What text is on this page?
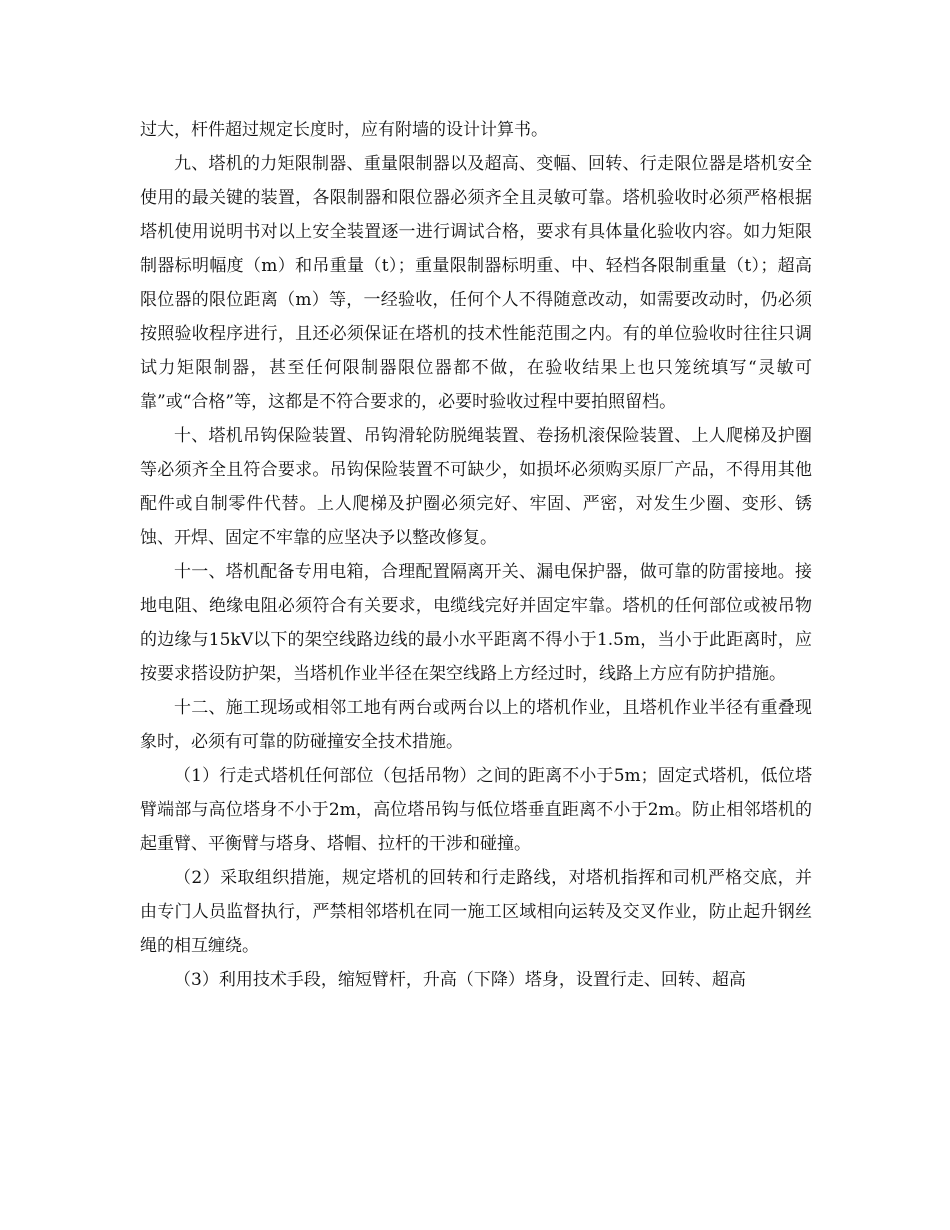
过大，杆件超过规定长度时，应有附墙的设计计算书。

九、塔机的力矩限制器、重量限制器以及超高、变幅、回转、行走限位器是塔机安全使用的最关键的装置，各限制器和限位器必须齐全且灵敏可靠。塔机验收时必须严格根据塔机使用说明书对以上安全装置逐一进行调试合格，要求有具体量化验收内容。如力矩限制器标明幅度（m）和吊重量（t）；重量限制器标明重、中、轻档各限制重量（t）；超高限位器的限位距离（m）等，一经验收，任何个人不得随意改动，如需要改动时，仍必须按照验收程序进行，且还必须保证在塔机的技术性能范围之内。有的单位验收时往往只调试力矩限制器，甚至任何限制器限位器都不做，在验收结果上也只笼统填写“灵敏可靠”或“合格”等，这都是不符合要求的，必要时验收过程中要拍照留档。

十、塔机吊钩保险装置、吊钩滑轮防脱绳装置、卷扬机滚保险装置、上人爬梯及护圈等必须齐全且符合要求。吊钩保险装置不可缺少，如损坏必须购买原厂产品，不得用其他配件或自制零件代替。上人爬梯及护圈必须完好、牢固、严密，对发生少圈、变形、锈蚀、开焊、固定不牢靠的应坚决予以整改修复。

十一、塔机配备专用电箱，合理配置隔离开关、漏电保护器，做可靠的防雷接地。接地电阻、绝缘电阻必须符合有关要求，电缆线完好并固定牢靠。塔机的任何部位或被吊物的边缘与15kV以下的架空线路边线的最小水平距离不得小于1.5m，当小于此距离时，应按要求搭设防护架，当塔机作业半径在架空线路上方经过时，线路上方应有防护措施。

十二、施工现场或相邻工地有两台或两台以上的塔机作业，且塔机作业半径有重叠现象时，必须有可靠的防碰撞安全技术措施。

（1）行走式塔机任何部位（包括吊物）之间的距离不小于5m；固定式塔机，低位塔臂端部与高位塔身不小于2m，高位塔吊钩与低位塔垂直距离不小于2m。防止相邻塔机的起重臂、平衡臂与塔身、塔帽、拉杆的干涉和碰撞。

（2）采取组织措施，规定塔机的回转和行走路线，对塔机指挥和司机严格交底，并由专门人员监督执行，严禁相邻塔机在同一施工区域相向运转及交叉作业，防止起升钢丝绳的相互缠绕。

（3）利用技术手段，缩短臂杆，升高（下降）塔身，设置行走、回转、超高
